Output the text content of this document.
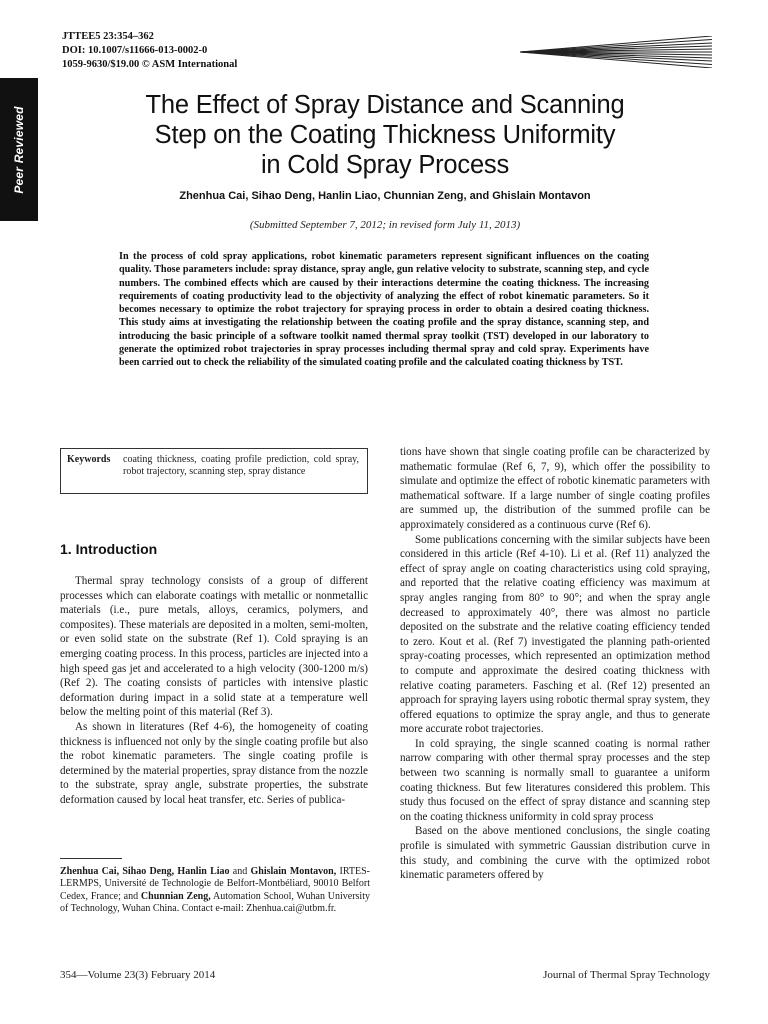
Peer Reviewed
JTTEE5 23:354–362
DOI: 10.1007/s11666-013-0002-0
1059-9630/$19.00 © ASM International
The Effect of Spray Distance and Scanning
Step on the Coating Thickness Uniformity
in Cold Spray Process
Zhenhua Cai, Sihao Deng, Hanlin Liao, Chunnian Zeng, and Ghislain Montavon
(Submitted September 7, 2012; in revised form July 11, 2013)
In the process of cold spray applications, robot kinematic parameters represent significant influences on the coating quality. Those parameters include: spray distance, spray angle, gun relative velocity to substrate, scanning step, and cycle numbers. The combined effects which are caused by their interactions determine the coating thickness. The increasing requirements of coating productivity lead to the objectivity of analyzing the effect of robot kinematic parameters. So it becomes necessary to optimize the robot trajectory for spraying process in order to obtain a desired coating thickness. This study aims at investigating the relationship between the coating profile and the spray distance, scanning step, and introducing the basic principle of a software toolkit named thermal spray toolkit (TST) developed in our laboratory to generate the optimized robot trajectories in spray processes including thermal spray and cold spray. Experiments have been carried out to check the reliability of the simulated coating profile and the calculated coating thickness by TST.
Keywords coating thickness, coating profile prediction, cold spray, robot trajectory, scanning step, spray distance
1. Introduction

Thermal spray technology consists of a group of different processes which can elaborate coatings with metallic or nonmetallic materials (i.e., pure metals, alloys, ceramics, polymers, and composites). These materials are deposited in a molten, semi-molten, or even solid state on the substrate (Ref 1). Cold spraying is an emerging coating process. In this process, particles are injected into a high speed gas jet and accelerated to a high velocity (300-1200 m/s) (Ref 2). The coating consists of particles with intensive plastic deformation during impact in a solid state at a temperature well below the melting point of this material (Ref 3).

As shown in literatures (Ref 4-6), the homogeneity of coating thickness is influenced not only by the single coating profile but also the robot kinematic parameters. The single coating profile is determined by the material properties, spray distance from the nozzle to the substrate, spray angle, substrate properties, the substrate deformation caused by local heat transfer, etc. Series of publica-

tions have shown that single coating profile can be characterized by mathematic formulae (Ref 6, 7, 9), which offer the possibility to simulate and optimize the effect of robotic kinematic parameters with mathematical software. If a large number of single coating profiles are summed up, the distribution of the summed profile can be approximately considered as a continuous curve (Ref 6).

Some publications concerning with the similar subjects have been considered in this article (Ref 4-10). Li et al. (Ref 11) analyzed the effect of spray angle on coating characteristics using cold spraying, and reported that the relative coating efficiency was maximum at spray angles ranging from 80° to 90°; and when the spray angle decreased to approximately 40°, there was almost no particle deposited on the substrate and the relative coating efficiency tended to zero. Kout et al. (Ref 7) investigated the planning path-oriented spray-coating processes, which represented an optimization method to compute and approximate the desired coating thickness with relative coating parameters. Fasching et al. (Ref 12) presented an approach for spraying layers using robotic thermal spray system, they offered equations to optimize the spray angle, and thus to generate more accurate robot trajectories.

In cold spraying, the single scanned coating is normal rather narrow comparing with other thermal spray processes and the step between two scanning is normally small to guarantee a uniform coating thickness. But few literatures considered this problem. This study thus focused on the effect of spray distance and scanning step on the coating thickness uniformity in cold spray process

Based on the above mentioned conclusions, the single coating profile is simulated with symmetric Gaussian distribution curve in this study, and combining the curve with the optimized robot kinematic parameters offered by

Zhenhua Cai, Sihao Deng, Hanlin Liao and Ghislain Montavon, IRTES- LERMPS, Université de Technologie de Belfort-Montbéliard, 90010 Belfort Cedex, France; and Chunnian Zeng, Automation School, Wuhan University of Technology, Wuhan China. Contact e-mail: Zhenhua.cai@utbm.fr.
354—Volume 23(3) February 2014	Journal of Thermal Spray Technology
